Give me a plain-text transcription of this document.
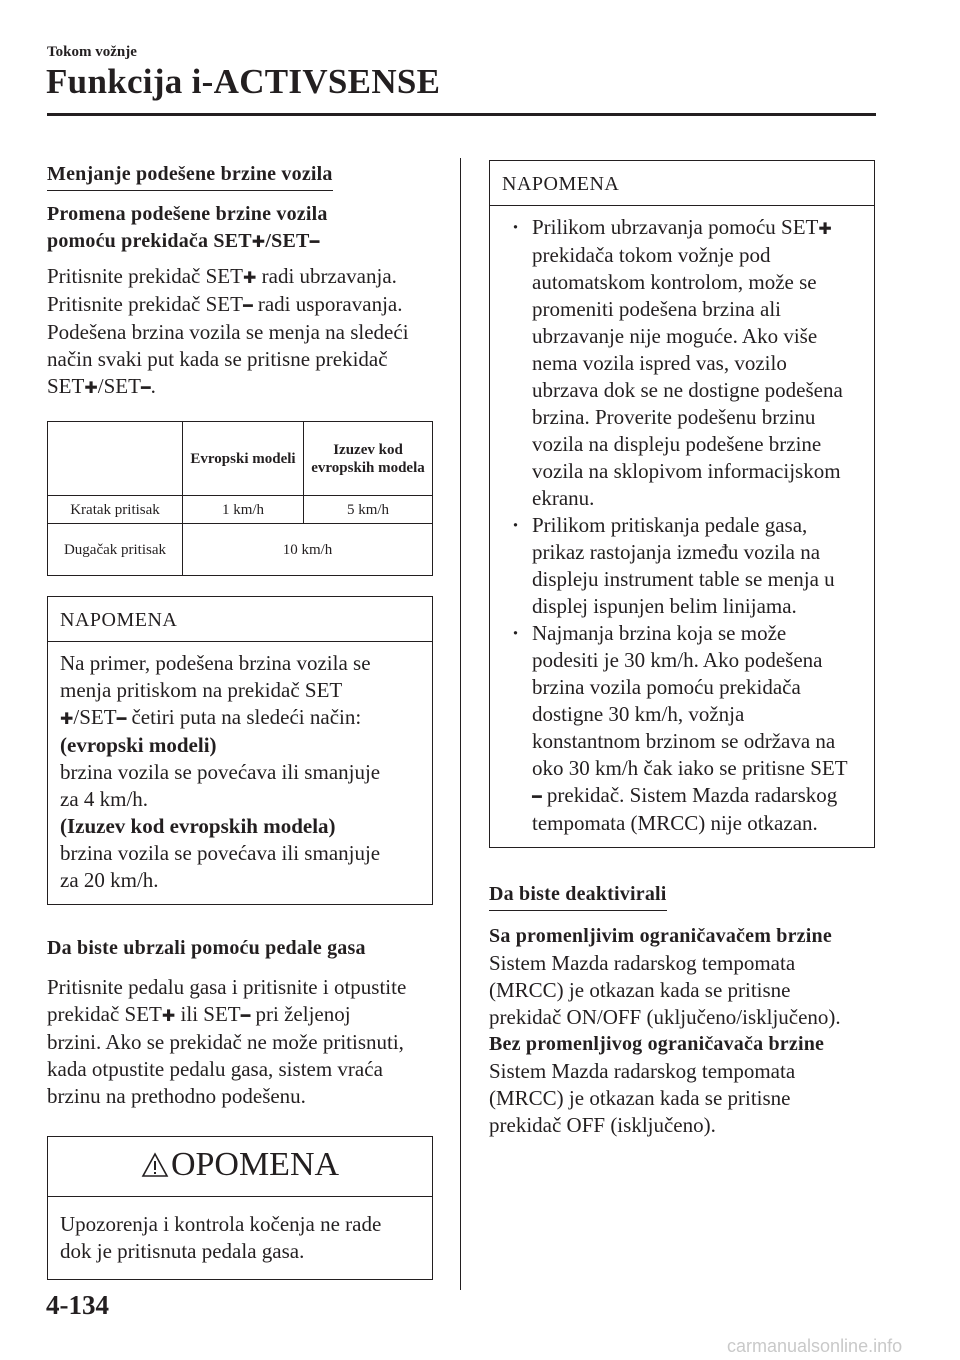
Tokom vožnje
Funkcija i-ACTIVSENSE
Menjanje podešene brzine vozila
Promena podešene brzine vozila
pomoću prekidača SET✚/SET━

Pritisnite prekidač SET✚ radi ubrzavanja.

Pritisnite prekidač SET━ radi usporavanja.

Podešena brzina vozila se menja na sledeći

način svaki put kada se pritisne prekidač

SET✚/SET━.

	Evropski modeli	Izuzev kod evropskih modela
Kratak pritisak	1 km/h	5 km/h
Dugačak pritisak	10 km/h	
NAPOMENA

Na primer, podešena brzina vozila se

menja pritiskom na prekidač SET

✚/SET━ četiri puta na sledeći način:

(evropski modeli)

brzina vozila se povećava ili smanjuje

za 4 km/h.

(Izuzev kod evropskih modela)

brzina vozila se povećava ili smanjuje

za 20 km/h.

Da biste ubrzali pomoću pedale gasa

Pritisnite pedalu gasa i pritisnite i otpustite

prekidač SET✚ ili SET━ pri željenoj

brzini. Ako se prekidač ne može pritisnuti,

kada otpustite pedalu gasa, sistem vraća

brzinu na prethodno podešenu.

OPOMENA

Upozorenja i kontrola kočenja ne rade

dok je pritisnuta pedala gasa.

NAPOMENA
· Prilikom ubrzavanja pomoću SET✚

prekidača tokom vožnje pod

automatskom kontrolom, može se

promeniti podešena brzina ali

ubrzavanje nije moguće. Ako više

nema vozila ispred vas, vozilo

ubrzava dok se ne dostigne podešena

brzina. Proverite podešenu brzinu

vozila na displeju podešene brzine

vozila na sklopivom informacijskom

ekranu.

· Prilikom pritiskanja pedale gasa,

prikaz rastojanja između vozila na

displeju instrument table se menja u

displej ispunjen belim linijama.

· Najmanja brzina koja se može

podesiti je 30 km/h. Ako podešena

brzina vozila pomoću prekidača

dostigne 30 km/h, vožnja

konstantnom brzinom se održava na

oko 30 km/h čak iako se pritisne SET

━ prekidač. Sistem Mazda radarskog

tempomata (MRCC) nije otkazan.

Da biste deaktivirali
Sa promenljivim ograničavačem brzine

Sistem Mazda radarskog tempomata

(MRCC) je otkazan kada se pritisne

prekidač ON/OFF (uključeno/isključeno).

Bez promenljivog ograničavača brzine

Sistem Mazda radarskog tempomata

(MRCC) je otkazan kada se pritisne

prekidač OFF (isključeno).

4-134
carmanualsonline.info
